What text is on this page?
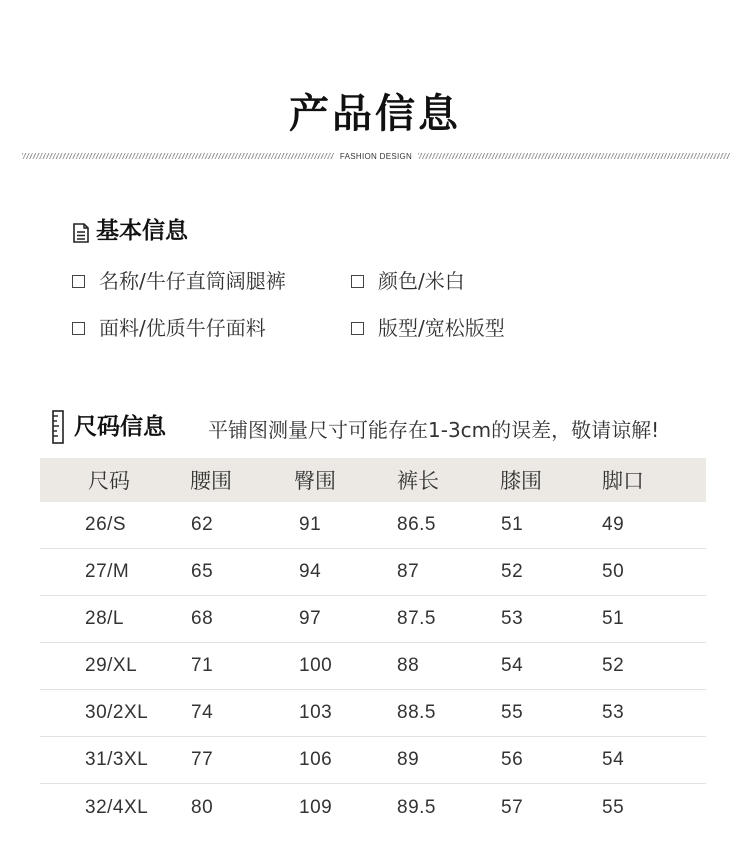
产品信息
FASHION DESIGN
基本信息
名称/牛仔直筒阔腿裤	颜色/米白
面料/优质牛仔面料	版型/宽松版型
尺码信息 平铺图测量尺寸可能存在1-3cm的误差，敬请谅解!
尺码	腰围	臀围	裤长	膝围	脚口
26/S	62	91	86.5	51	49
27/M	65	94	87	52	50
28/L	68	97	87.5	53	51
29/XL	71	100	88	54	52
30/2XL 74	103	88.5	55	53
31/3XL 77	106	89	56	54
32/4XL 80	109	89.5	57	55
